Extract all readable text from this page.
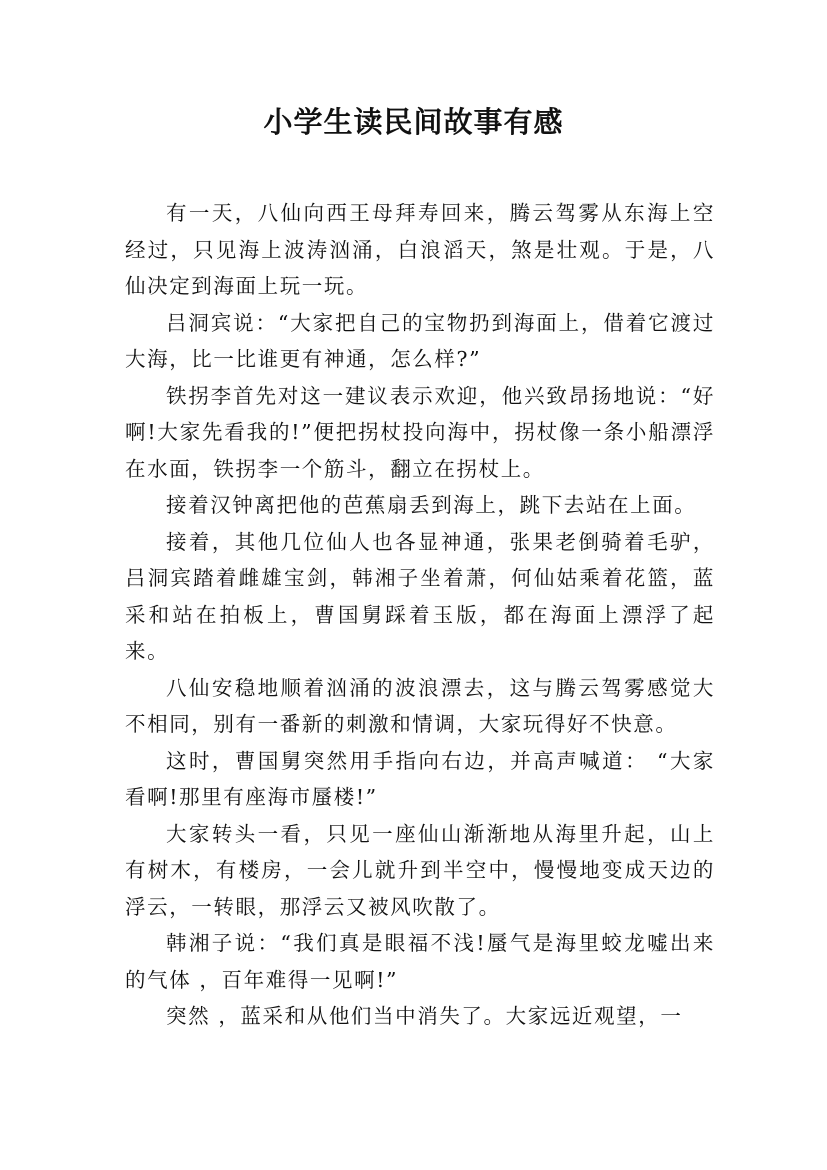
小学生读民间故事有感

有一天，八仙向西王母拜寿回来，腾云驾雾从东海上空经过，只见海上波涛汹涌，白浪滔天，煞是壮观。于是，八仙决定到海面上玩一玩。

吕洞宾说：“大家把自己的宝物扔到海面上，借着它渡过大海，比一比谁更有神通，怎么样?”

铁拐李首先对这一建议表示欢迎，他兴致昂扬地说：“好啊!大家先看我的!”便把拐杖投向海中，拐杖像一条小船漂浮在水面，铁拐李一个筋斗，翻立在拐杖上。

接着汉钟离把他的芭蕉扇丢到海上，跳下去站在上面。

接着，其他几位仙人也各显神通，张果老倒骑着毛驴，吕洞宾踏着雌雄宝剑，韩湘子坐着萧，何仙姑乘着花篮，蓝采和站在拍板上，曹国舅踩着玉版，都在海面上漂浮了起来。

八仙安稳地顺着汹涌的波浪漂去，这与腾云驾雾感觉大不相同，别有一番新的刺激和情调，大家玩得好不快意。

这时，曹国舅突然用手指向右边，并高声喊道： “大家看啊!那里有座海市蜃楼!”

大家转头一看，只见一座仙山渐渐地从海里升起，山上有树木，有楼房，一会儿就升到半空中，慢慢地变成天边的浮云，一转眼，那浮云又被风吹散了。

韩湘子说：“我们真是眼福不浅!蜃气是海里蛟龙嘘出来的气体 ，百年难得一见啊!”

突然 ，蓝采和从他们当中消失了。大家远近观望，一
